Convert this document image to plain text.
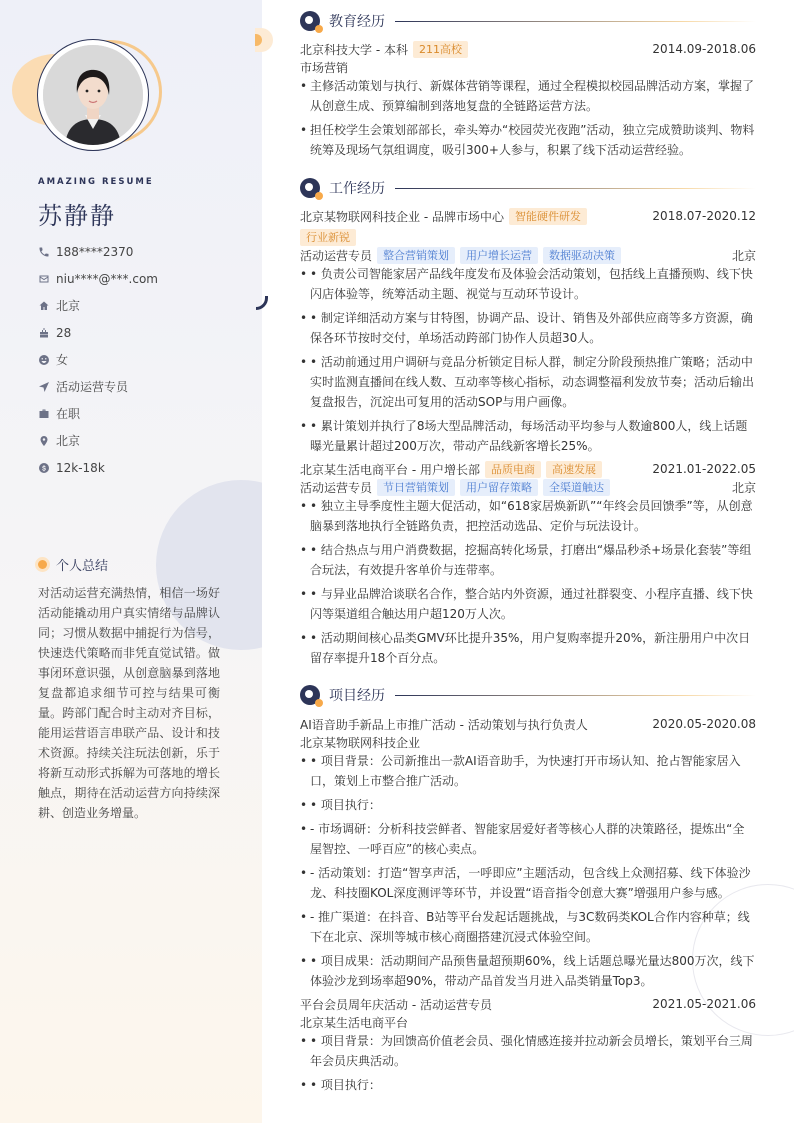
AMAZING RESUME
苏静静
188****2370
niu****@***.com
北京
28
女
活动运营专员
在职
北京
12k-18k
个人总结
对活动运营充满热情，相信一场好活动能撬动用户真实情绪与品牌认同；习惯从数据中捕捉行为信号，快速迭代策略而非凭直觉试错。做事闭环意识强，从创意脑暴到落地复盘都追求细节可控与结果可衡量。跨部门配合时主动对齐目标，能用运营语言串联产品、设计和技术资源。持续关注玩法创新，乐于将新互动形式拆解为可落地的增长触点，期待在活动运营方向持续深耕、创造业务增量。
教育经历
北京科技大学 - 本科	211高校	2014.09-2018.06
市场营销
• 主修活动策划与执行、新媒体营销等课程，通过全程模拟校园品牌活动方案，掌握了从创意生成、预算编制到落地复盘的全链路运营方法。
• 担任校学生会策划部部长，牵头筹办“校园荧光夜跑”活动，独立完成赞助谈判、物料统筹及现场气氛组调度，吸引300+人参与，积累了线下活动运营经验。
工作经历
北京某物联网科技企业 - 品牌市场中心	智能硬件研发	2018.07-2020.12
行业新锐
活动运营专员	整合营销策划	用户增长运营	数据驱动决策	北京
• • 负责公司智能家居产品线年度发布及体验会活动策划，包括线上直播预购、线下快闪店体验等，统筹活动主题、视觉与互动环节设计。
• • 制定详细活动方案与甘特图，协调产品、设计、销售及外部供应商等多方资源，确保各环节按时交付，单场活动跨部门协作人员超30人。
• • 活动前通过用户调研与竞品分析锁定目标人群，制定分阶段预热推广策略；活动中实时监测直播间在线人数、互动率等核心指标，动态调整福利发放节奏；活动后输出复盘报告，沉淀出可复用的活动SOP与用户画像。
• • 累计策划并执行了8场大型品牌活动，每场活动平均参与人数逾800人，线上话题曝光量累计超过200万次，带动产品线新客增长25%。
北京某生活电商平台 - 用户增长部	品质电商	高速发展	2021.01-2022.05
活动运营专员	节日营销策划	用户留存策略	全渠道触达	北京
• • 独立主导季度性主题大促活动，如“618家居焕新趴”“年终会员回馈季”等，从创意脑暴到落地执行全链路负责，把控活动选品、定价与玩法设计。
• • 结合热点与用户消费数据，挖掘高转化场景，打磨出“爆品秒杀+场景化套装”等组合玩法，有效提升客单价与连带率。
• • 与异业品牌洽谈联名合作，整合站内外资源，通过社群裂变、小程序直播、线下快闪等渠道组合触达用户超120万人次。
• • 活动期间核心品类GMV环比提升35%，用户复购率提升20%，新注册用户中次日留存率提升18个百分点。
项目经历
AI语音助手新品上市推广活动 - 活动策划与执行负责人	2020.05-2020.08
北京某物联网科技企业
• • 项目背景：公司新推出一款AI语音助手，为快速打开市场认知、抢占智能家居入口，策划上市整合推广活动。
• • 项目执行：
• - 市场调研：分析科技尝鲜者、智能家居爱好者等核心人群的决策路径，提炼出“全屋智控、一呼百应”的核心卖点。
• - 活动策划：打造“智享声活，一呼即应”主题活动，包含线上众测招募、线下体验沙龙、科技圈KOL深度测评等环节，并设置“语音指令创意大赛”增强用户参与感。
• - 推广渠道：在抖音、B站等平台发起话题挑战，与3C数码类KOL合作内容种草；线下在北京、深圳等城市核心商圈搭建沉浸式体验空间。
• • 项目成果：活动期间产品预售量超预期60%，线上话题总曝光量达800万次，线下体验沙龙到场率超90%，带动产品首发当月进入品类销量Top3。
平台会员周年庆活动 - 活动运营专员	2021.05-2021.06
北京某生活电商平台
• • 项目背景：为回馈高价值老会员、强化情感连接并拉动新会员增长，策划平台三周年会员庆典活动。
• • 项目执行：
